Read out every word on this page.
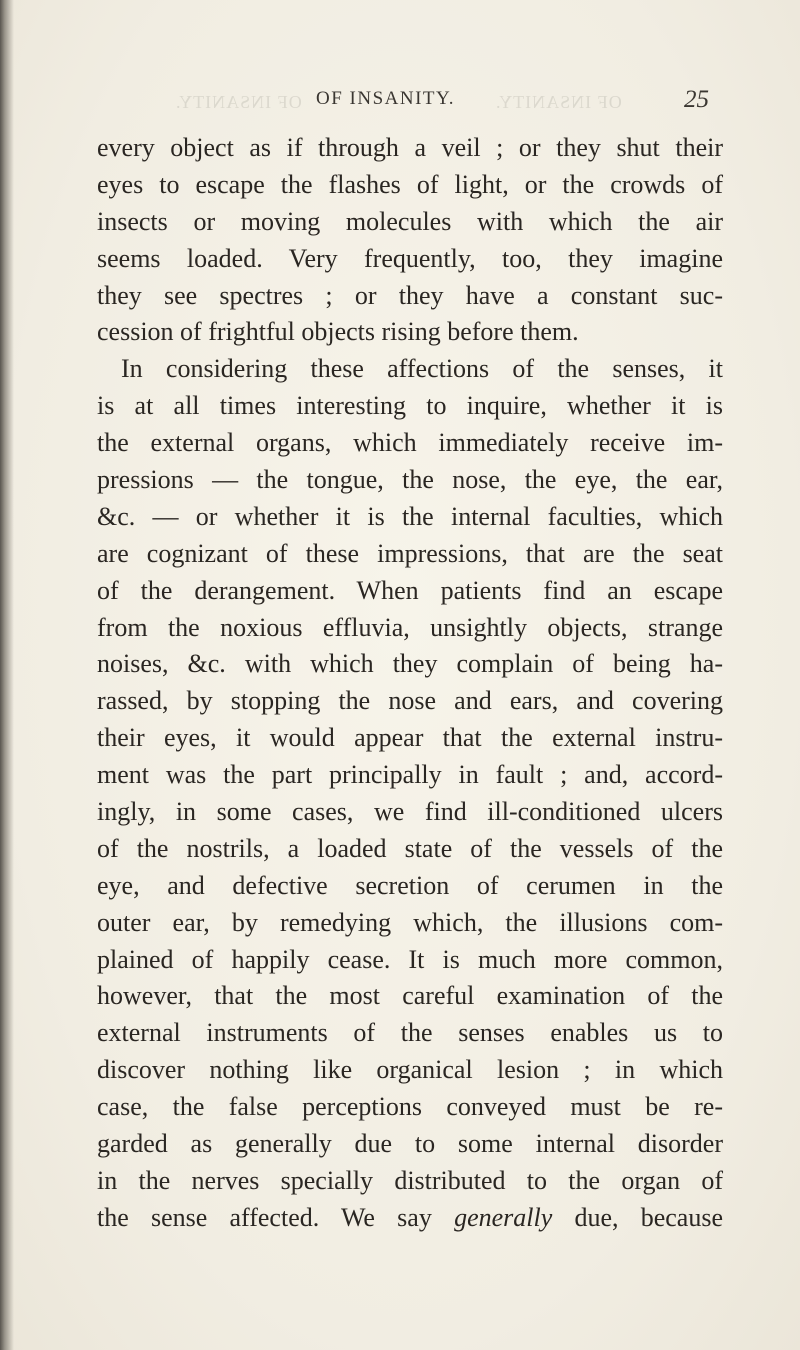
OF INSANITY.	OF INSANITY.
OF INSANITY.	25
every object as if through a veil ; or they shut their
eyes to escape the flashes of light, or the crowds of
insects or moving molecules with which the air
seems loaded. Very frequently, too, they imagine
they see spectres ; or they have a constant suc-
cession of frightful objects rising before them.
In considering these affections of the senses, it
is at all times interesting to inquire, whether it is
the external organs, which immediately receive im-
pressions — the tongue, the nose, the eye, the ear,
&c. — or whether it is the internal faculties, which
are cognizant of these impressions, that are the seat
of the derangement. When patients find an escape
from the noxious effluvia, unsightly objects, strange
noises, &c. with which they complain of being ha-
rassed, by stopping the nose and ears, and covering
their eyes, it would appear that the external instru-
ment was the part principally in fault ; and, accord-
ingly, in some cases, we find ill-conditioned ulcers
of the nostrils, a loaded state of the vessels of the
eye, and defective secretion of cerumen in the
outer ear, by remedying which, the illusions com-
plained of happily cease. It is much more common,
however, that the most careful examination of the
external instruments of the senses enables us to
discover nothing like organical lesion ; in which
case, the false perceptions conveyed must be re-
garded as generally due to some internal disorder
in the nerves specially distributed to the organ of
the sense affected. We say generally due, because
